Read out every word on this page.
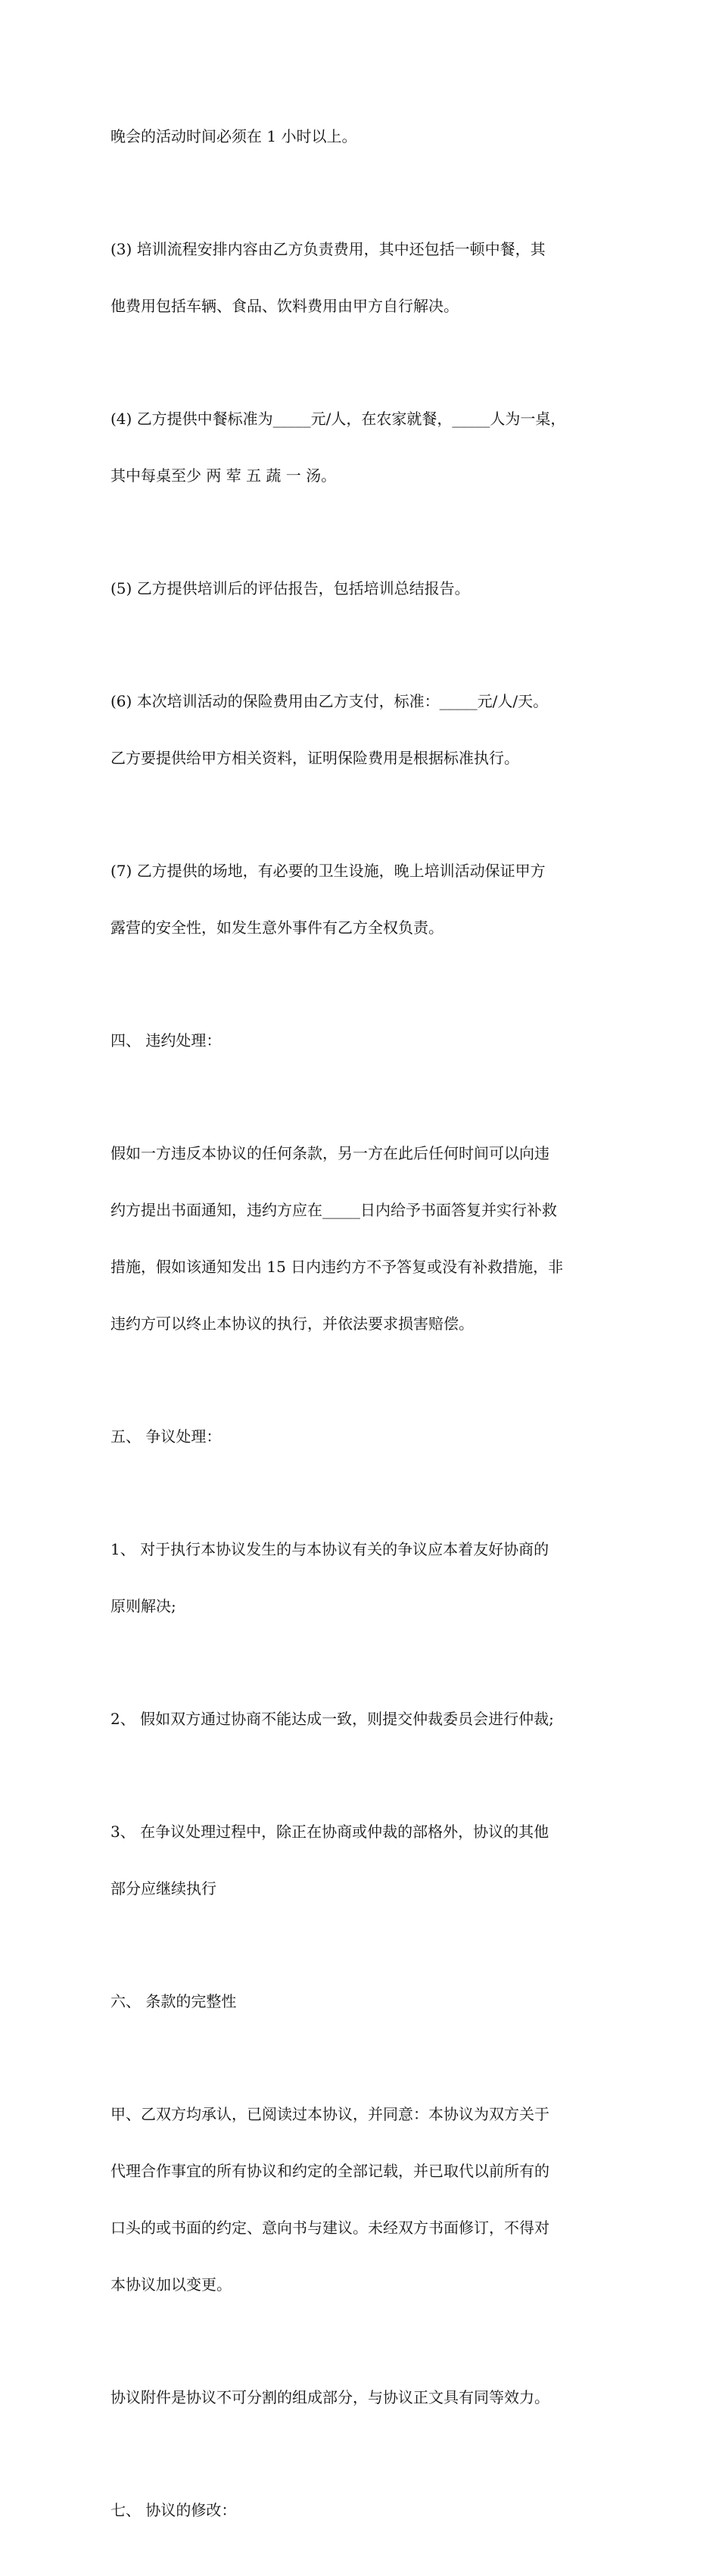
晚会的活动时间必须在 1 小时以上。

(3) 培训流程安排内容由乙方负责费用，其中还包括一顿中餐，其

他费用包括车辆、食品、饮料费用由甲方自行解决。

(4) 乙方提供中餐标准为_____元/人，在农家就餐，_____人为一桌，

其中每桌至少 两 荤 五 蔬 一 汤。

(5) 乙方提供培训后的评估报告，包括培训总结报告。

(6) 本次培训活动的保险费用由乙方支付，标准：_____元/人/天。

乙方要提供给甲方相关资料，证明保险费用是根据标准执行。

(7) 乙方提供的场地，有必要的卫生设施，晚上培训活动保证甲方

露营的安全性，如发生意外事件有乙方全权负责。

四、 违约处理：

假如一方违反本协议的任何条款，另一方在此后任何时间可以向违

约方提出书面通知，违约方应在_____日内给予书面答复并实行补救

措施，假如该通知发出 15 日内违约方不予答复或没有补救措施，非

违约方可以终止本协议的执行，并依法要求损害赔偿。

五、 争议处理：

1、 对于执行本协议发生的与本协议有关的争议应本着友好协商的

原则解决;

2、 假如双方通过协商不能达成一致，则提交仲裁委员会进行仲裁;

3、 在争议处理过程中，除正在协商或仲裁的部格外，协议的其他

部分应继续执行

六、 条款的完整性

甲、乙双方均承认，已阅读过本协议，并同意：本协议为双方关于

代理合作事宜的所有协议和约定的全部记载，并已取代以前所有的

口头的或书面的约定、意向书与建议。未经双方书面修订，不得对

本协议加以变更。

协议附件是协议不可分割的组成部分，与协议正文具有同等效力。

七、 协议的修改：
